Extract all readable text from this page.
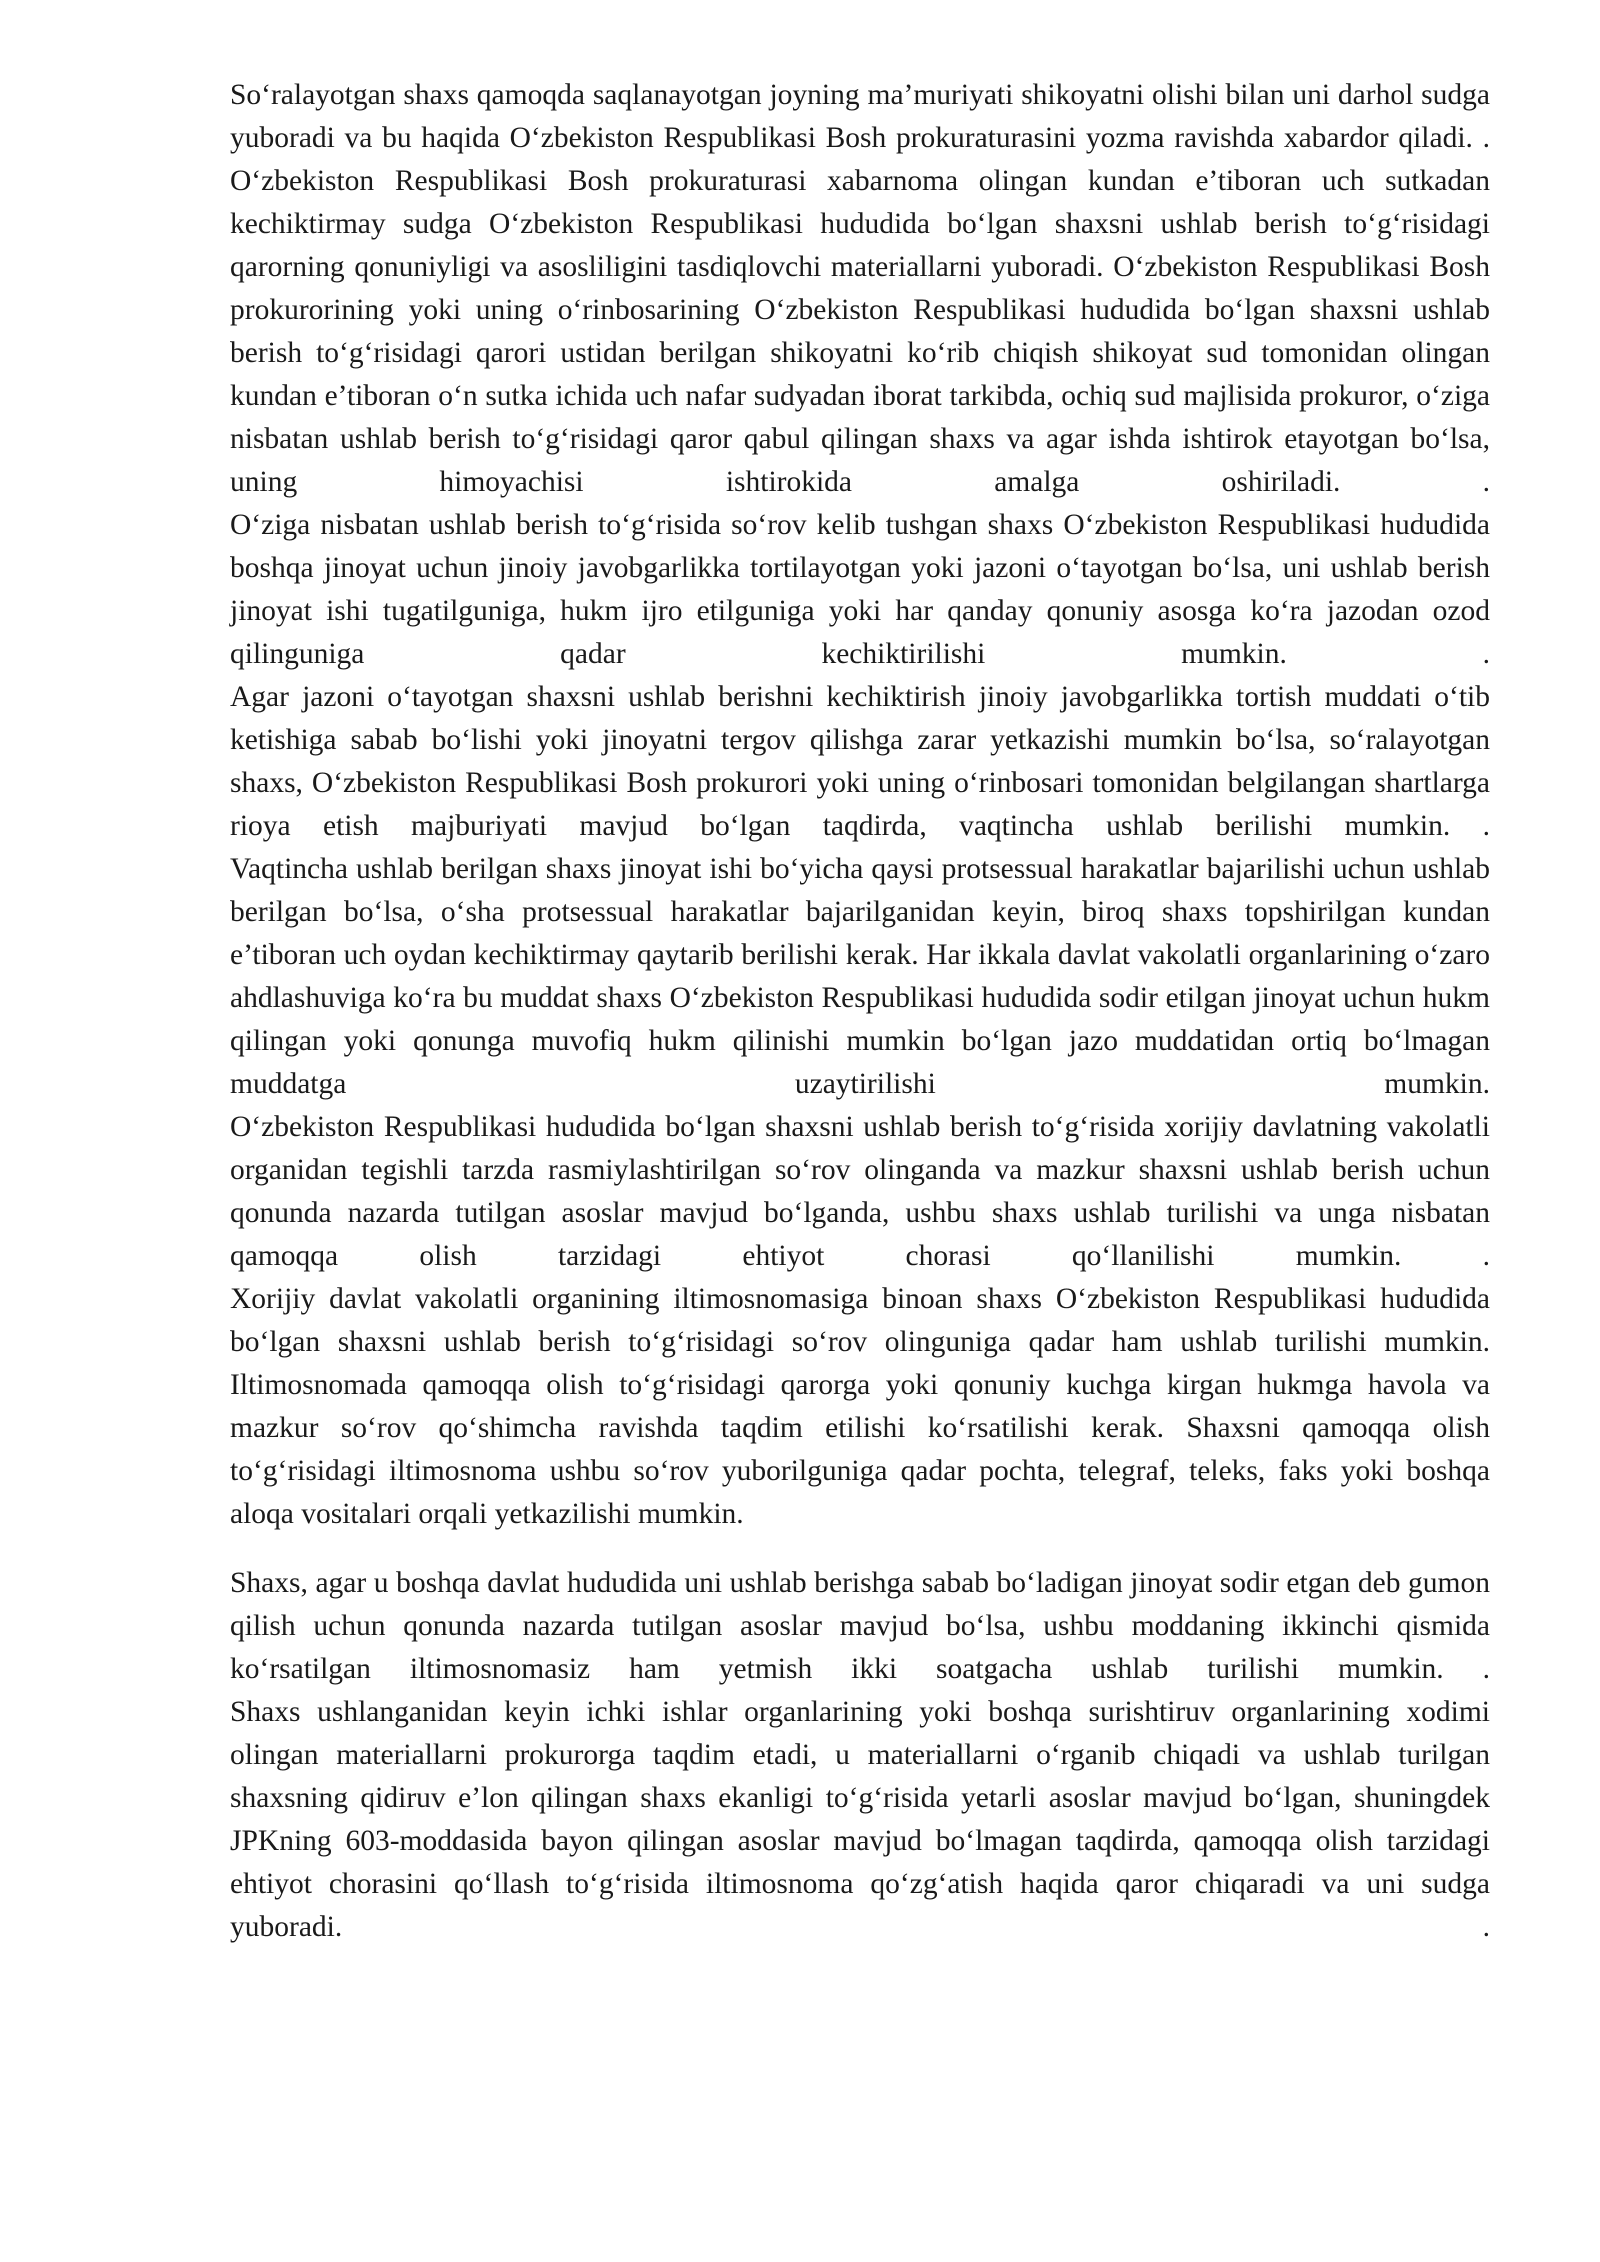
So‘ralayotgan shaxs qamoqda saqlanayotgan joyning ma’muriyati shikoyatni olishi bilan uni darhol sudga yuboradi va bu haqida O‘zbekiston Respublikasi Bosh prokuraturasini yozma ravishda xabardor qiladi. .

O‘zbekiston Respublikasi Bosh prokuraturasi xabarnoma olingan kundan e’tiboran uch sutkadan kechiktirmay sudga O‘zbekiston Respublikasi hududida bo‘lgan shaxsni ushlab berish to‘g‘risidagi qarorning qonuniyligi va asosliligini tasdiqlovchi materiallarni yuboradi. O‘zbekiston Respublikasi Bosh prokurorining yoki uning o‘rinbosarining O‘zbekiston Respublikasi hududida bo‘lgan shaxsni ushlab berish to‘g‘risidagi qarori ustidan berilgan shikoyatni ko‘rib chiqish shikoyat sud tomonidan olingan kundan e’tiboran o‘n sutka ichida uch nafar sudyadan iborat tarkibda, ochiq sud majlisida prokuror, o‘ziga nisbatan ushlab berish to‘g‘risidagi qaror qabul qilingan shaxs va agar ishda ishtirok etayotgan bo‘lsa, uning himoyachisi ishtirokida amalga oshiriladi. .

O‘ziga nisbatan ushlab berish to‘g‘risida so‘rov kelib tushgan shaxs O‘zbekiston Respublikasi hududida boshqa jinoyat uchun jinoiy javobgarlikka tortilayotgan yoki jazoni o‘tayotgan bo‘lsa, uni ushlab berish jinoyat ishi tugatilguniga, hukm ijro etilguniga yoki har qanday qonuniy asosga ko‘ra jazodan ozod qilinguniga qadar kechiktirilishi mumkin. .

Agar jazoni o‘tayotgan shaxsni ushlab berishni kechiktirish jinoiy javobgarlikka tortish muddati o‘tib ketishiga sabab bo‘lishi yoki jinoyatni tergov qilishga zarar yetkazishi mumkin bo‘lsa, so‘ralayotgan shaxs, O‘zbekiston Respublikasi Bosh prokurori yoki uning o‘rinbosari tomonidan belgilangan shartlarga rioya etish majburiyati mavjud bo‘lgan taqdirda, vaqtincha ushlab berilishi mumkin. .

Vaqtincha ushlab berilgan shaxs jinoyat ishi bo‘yicha qaysi protsessual harakatlar bajarilishi uchun ushlab berilgan bo‘lsa, o‘sha protsessual harakatlar bajarilganidan keyin, biroq shaxs topshirilgan kundan e’tiboran uch oydan kechiktirmay qaytarib berilishi kerak. Har ikkala davlat vakolatli organlarining o‘zaro ahdlashuviga ko‘ra bu muddat shaxs O‘zbekiston Respublikasi hududida sodir etilgan jinoyat uchun hukm qilingan yoki qonunga muvofiq hukm qilinishi mumkin bo‘lgan jazo muddatidan ortiq bo‘lmagan muddatga uzaytirilishi mumkin.

O‘zbekiston Respublikasi hududida bo‘lgan shaxsni ushlab berish to‘g‘risida xorijiy davlatning vakolatli organidan tegishli tarzda rasmiylashtirilgan so‘rov olinganda va mazkur shaxsni ushlab berish uchun qonunda nazarda tutilgan asoslar mavjud bo‘lganda, ushbu shaxs ushlab turilishi va unga nisbatan qamoqqa olish tarzidagi ehtiyot chorasi qo‘llanilishi mumkin. .

Xorijiy davlat vakolatli organining iltimosnomasiga binoan shaxs O‘zbekiston Respublikasi hududida bo‘lgan shaxsni ushlab berish to‘g‘risidagi so‘rov olinguniga qadar ham ushlab turilishi mumkin. Iltimosnomada qamoqqa olish to‘g‘risidagi qarorga yoki qonuniy kuchga kirgan hukmga havola va mazkur so‘rov qo‘shimcha ravishda taqdim etilishi ko‘rsatilishi kerak. Shaxsni qamoqqa olish to‘g‘risidagi iltimosnoma ushbu so‘rov yuborilguniga qadar pochta, telegraf, teleks, faks yoki boshqa aloqa vositalari orqali yetkazilishi mumkin.

Shaxs, agar u boshqa davlat hududida uni ushlab berishga sabab bo‘ladigan jinoyat sodir etgan deb gumon qilish uchun qonunda nazarda tutilgan asoslar mavjud bo‘lsa, ushbu moddaning ikkinchi qismida ko‘rsatilgan iltimosnomasiz ham yetmish ikki soatgacha ushlab turilishi mumkin. .

Shaxs ushlanganidan keyin ichki ishlar organlarining yoki boshqa surishtiruv organlarining xodimi olingan materiallarni prokurorga taqdim etadi, u materiallarni o‘rganib chiqadi va ushlab turilgan shaxsning qidiruv e’lon qilingan shaxs ekanligi to‘g‘risida yetarli asoslar mavjud bo‘lgan, shuningdek JPKning 603-moddasida bayon qilingan asoslar mavjud bo‘lmagan taqdirda, qamoqqa olish tarzidagi ehtiyot chorasini qo‘llash to‘g‘risida iltimosnoma qo‘zg‘atish haqida qaror chiqaradi va uni sudga yuboradi. .
